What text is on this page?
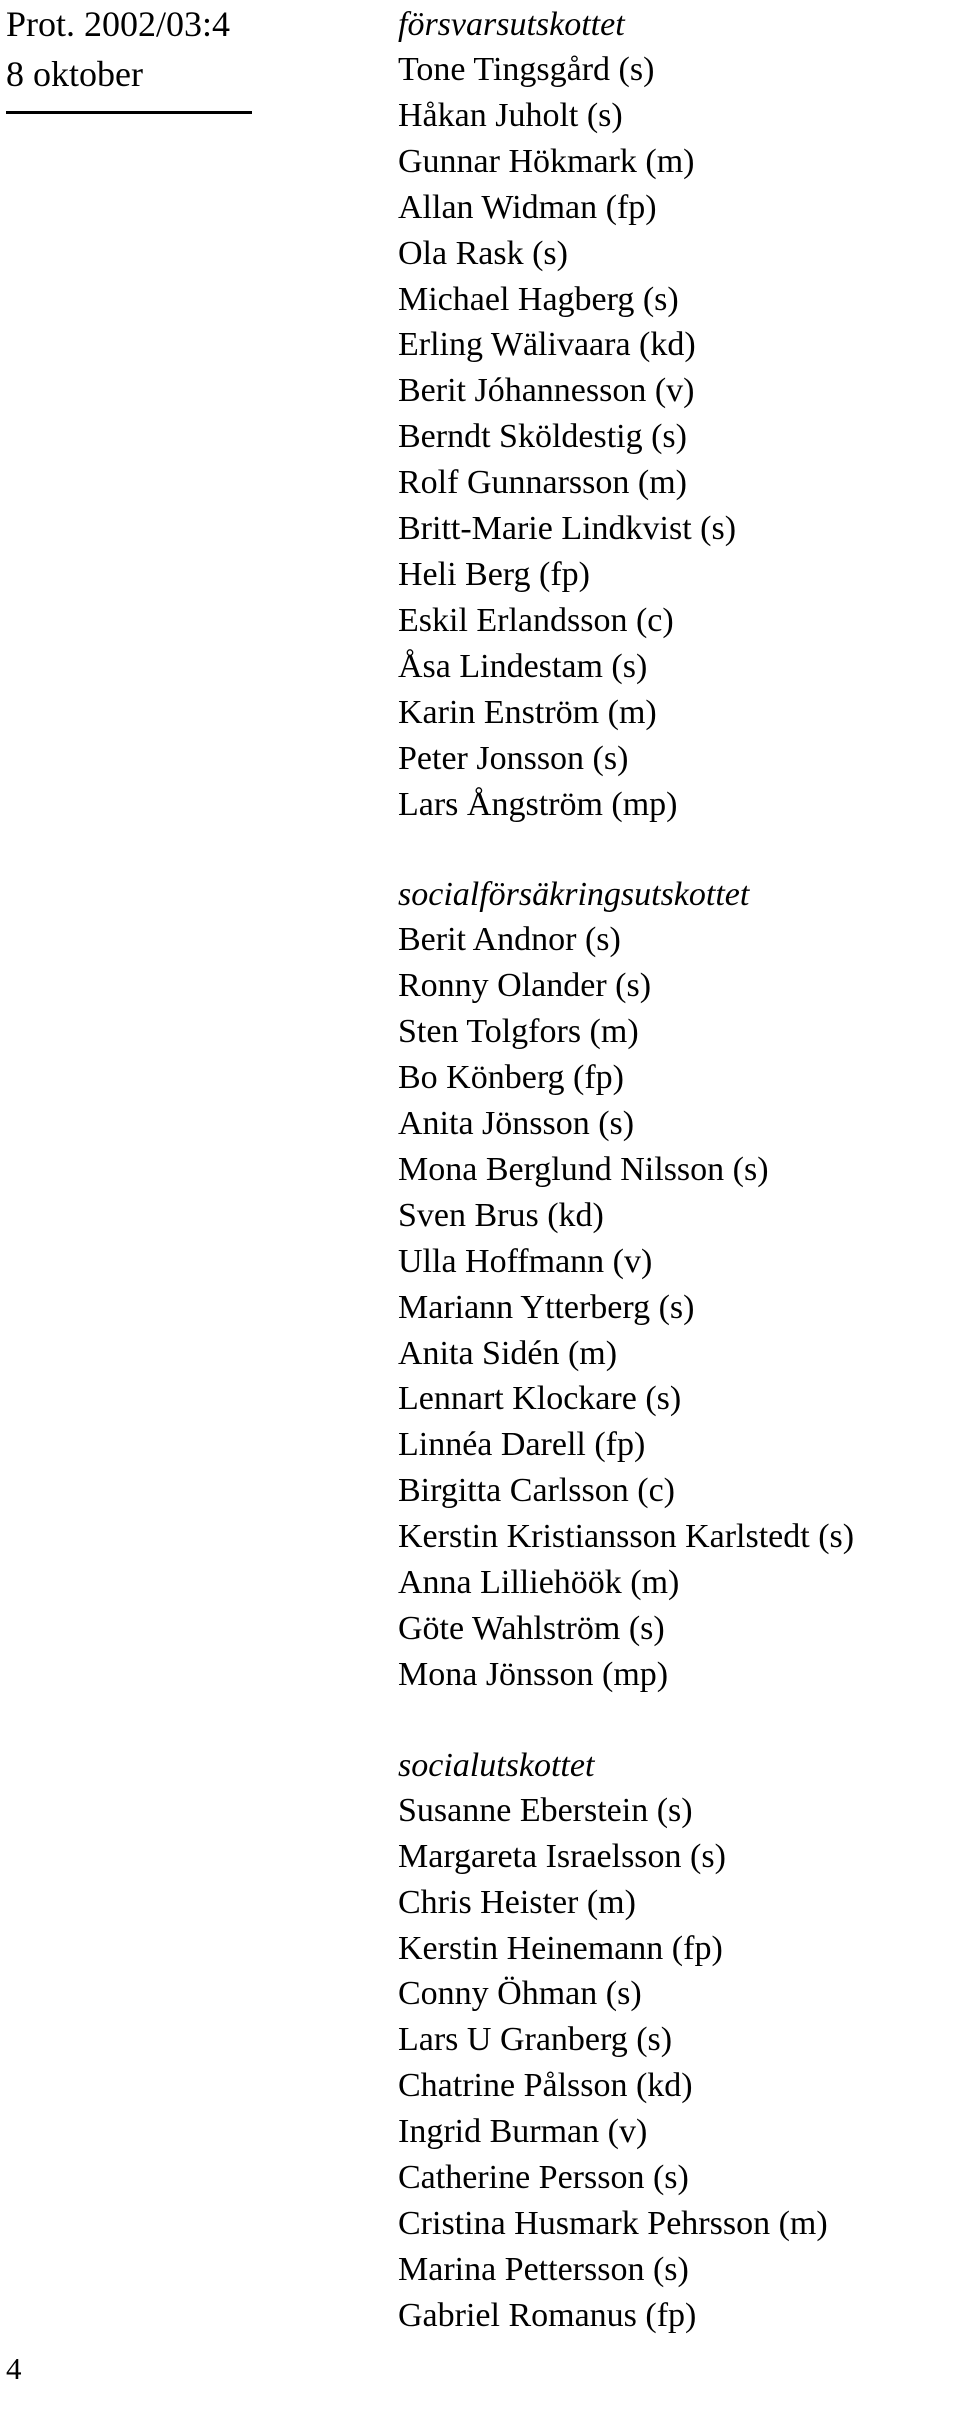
Prot. 2002/03:4
8 oktober
4
försvarsutskottet
Tone Tingsgård (s)
Håkan Juholt (s)
Gunnar Hökmark (m)
Allan Widman (fp)
Ola Rask (s)
Michael Hagberg (s)
Erling Wälivaara (kd)
Berit Jóhannesson (v)
Berndt Sköldestig (s)
Rolf Gunnarsson (m)
Britt-Marie Lindkvist (s)
Heli Berg (fp)
Eskil Erlandsson (c)
Åsa Lindestam (s)
Karin Enström (m)
Peter Jonsson (s)
Lars Ångström (mp)
socialförsäkringsutskottet
Berit Andnor (s)
Ronny Olander (s)
Sten Tolgfors (m)
Bo Könberg (fp)
Anita Jönsson (s)
Mona Berglund Nilsson (s)
Sven Brus (kd)
Ulla Hoffmann (v)
Mariann Ytterberg (s)
Anita Sidén (m)
Lennart Klockare (s)
Linnéa Darell (fp)
Birgitta Carlsson (c)
Kerstin Kristiansson Karlstedt (s)
Anna Lilliehöök (m)
Göte Wahlström (s)
Mona Jönsson (mp)
socialutskottet
Susanne Eberstein (s)
Margareta Israelsson (s)
Chris Heister (m)
Kerstin Heinemann (fp)
Conny Öhman (s)
Lars U Granberg (s)
Chatrine Pålsson (kd)
Ingrid Burman (v)
Catherine Persson (s)
Cristina Husmark Pehrsson (m)
Marina Pettersson (s)
Gabriel Romanus (fp)
